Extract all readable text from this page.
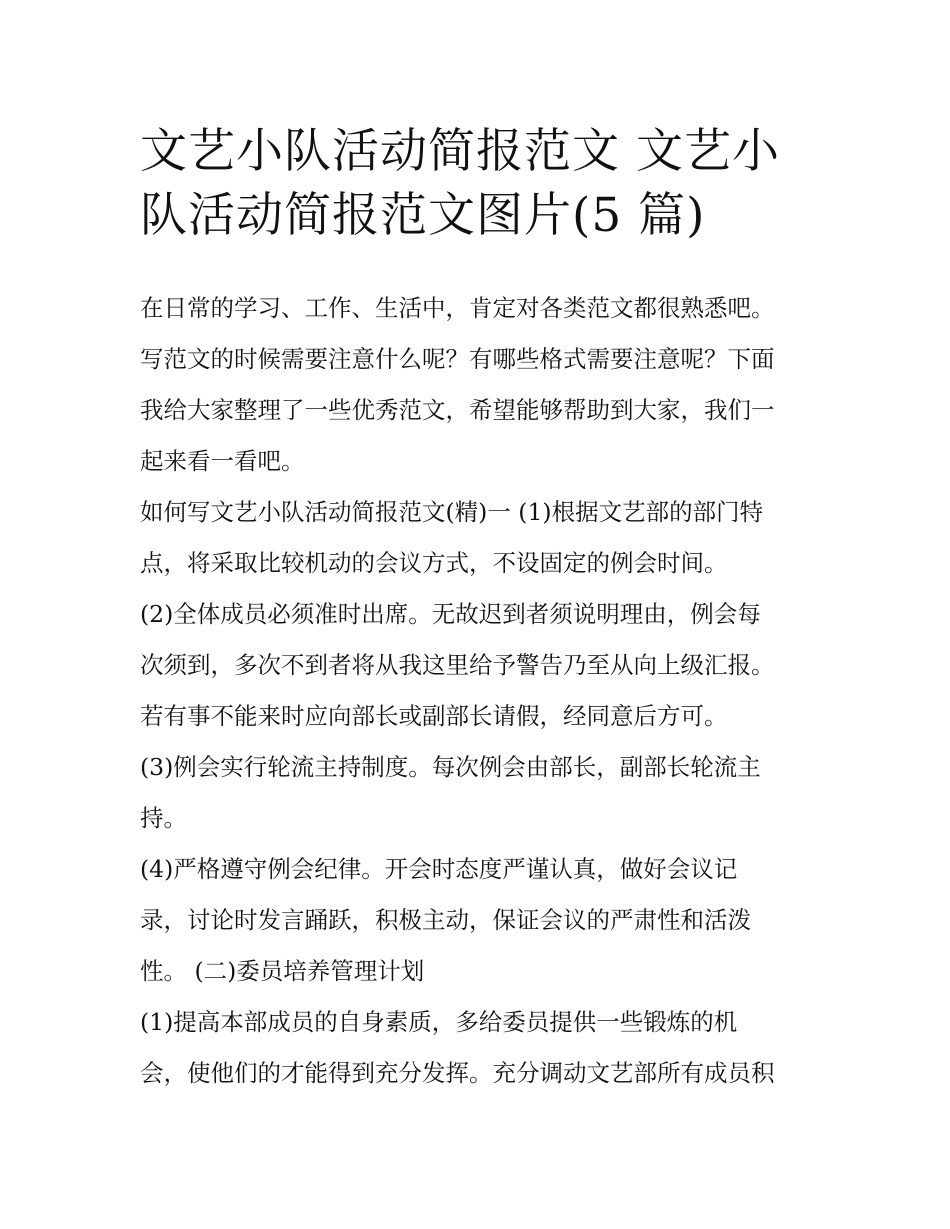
文艺小队活动简报范文 文艺小
队活动简报范文图片(5 篇)

在日常的学习、工作、生活中，肯定对各类范文都很熟悉吧。

写范文的时候需要注意什么呢？有哪些格式需要注意呢？下面

我给大家整理了一些优秀范文，希望能够帮助到大家，我们一

起来看一看吧。

如何写文艺小队活动简报范文(精)一 (1)根据文艺部的部门特

点，将采取比较机动的会议方式，不设固定的例会时间。

(2)全体成员必须准时出席。无故迟到者须说明理由，例会每

次须到，多次不到者将从我这里给予警告乃至从向上级汇报。

若有事不能来时应向部长或副部长请假，经同意后方可。

(3)例会实行轮流主持制度。每次例会由部长，副部长轮流主

持。

(4)严格遵守例会纪律。开会时态度严谨认真，做好会议记

录，讨论时发言踊跃，积极主动，保证会议的严肃性和活泼

性。 (二)委员培养管理计划

(1)提高本部成员的自身素质，多给委员提供一些锻炼的机

会，使他们的才能得到充分发挥。充分调动文艺部所有成员积
